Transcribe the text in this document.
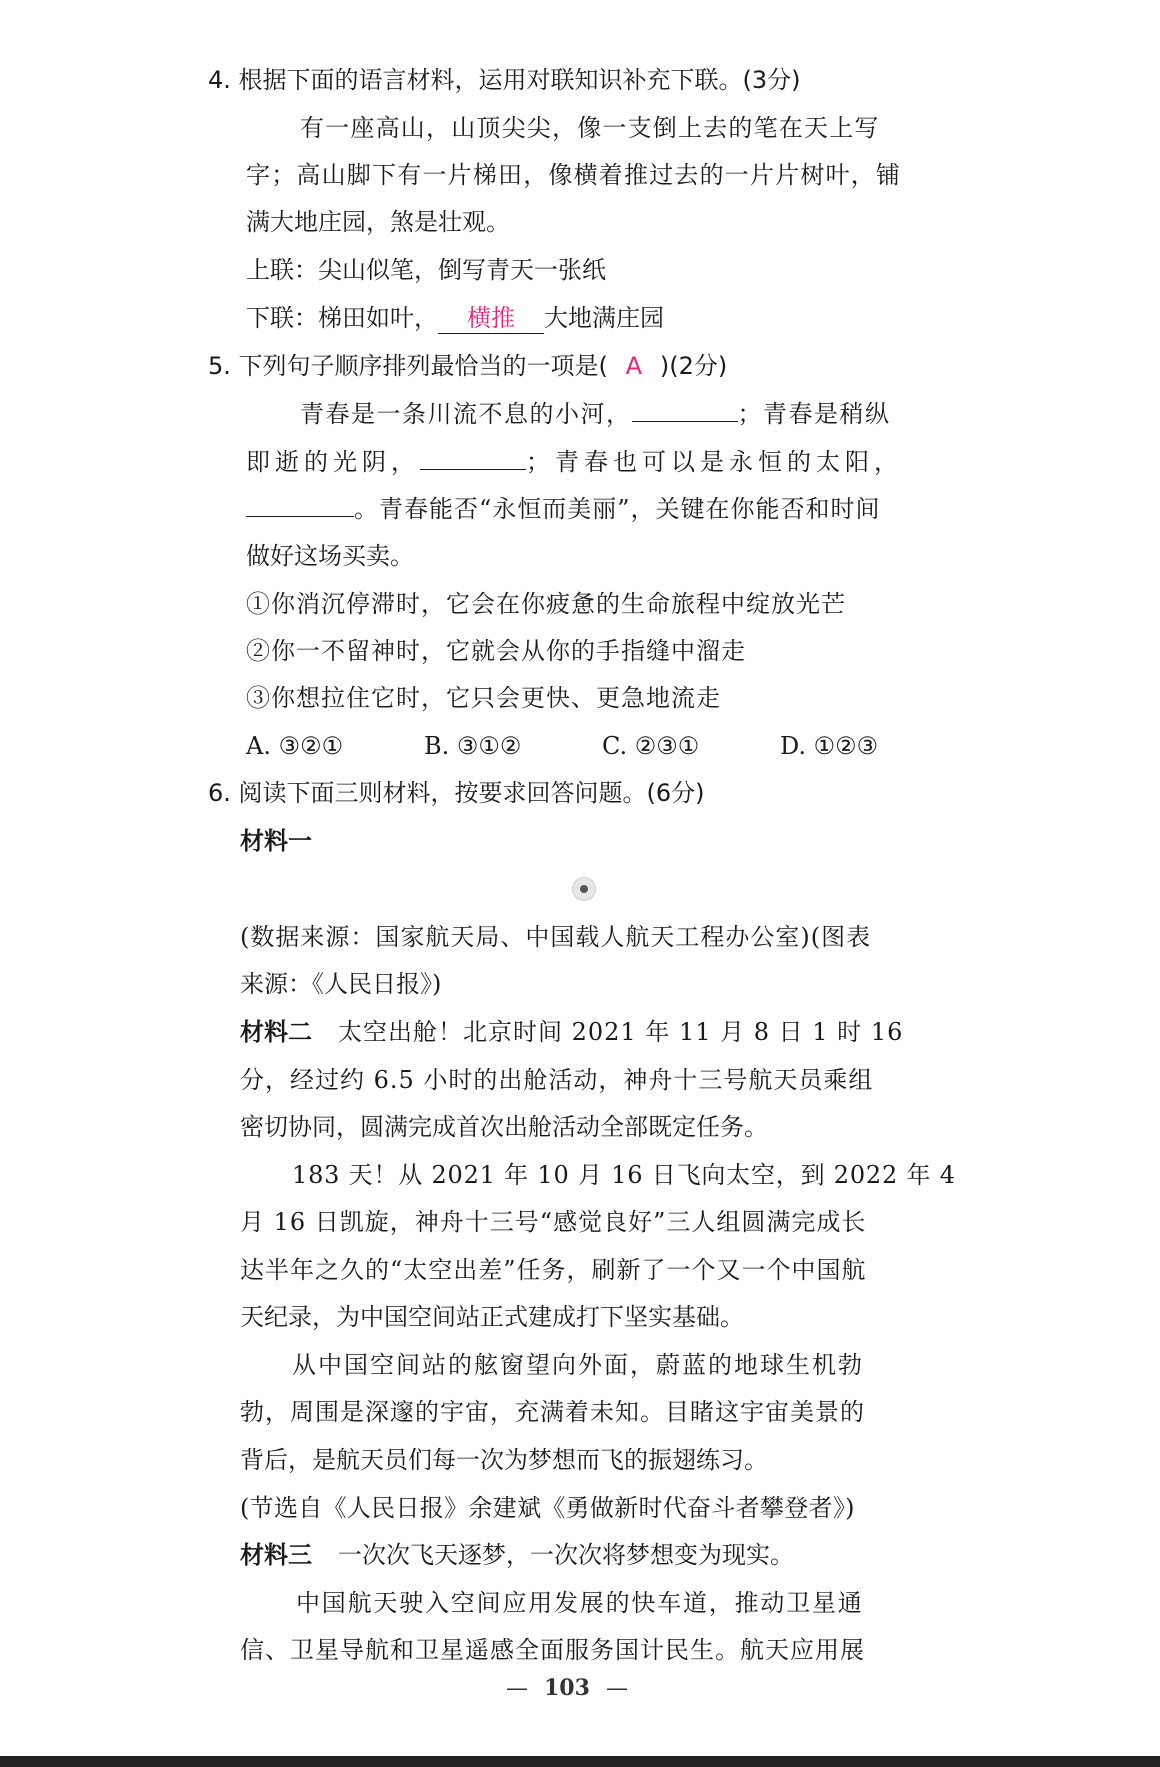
4. 根据下面的语言材料，运用对联知识补充下联。(3分)
有一座高山，山顶尖尖，像一支倒上去的笔在天上写
字；高山脚下有一片梯田，像横着推过去的一片片树叶，铺
满大地庄园，煞是壮观。
上联：尖山似笔，倒写青天一张纸
下联：梯田如叶， 横推 大地满庄园
5. 下列句子顺序排列最恰当的一项是( A )(2分)
青春是一条川流不息的小河，	；青春是稍纵
即逝的光阴，	；青春也可以是永恒的太阳，
。青春能否“永恒而美丽”，关键在你能否和时间
做好这场买卖。
①你消沉停滞时，它会在你疲惫的生命旅程中绽放光芒
②你一不留神时，它就会从你的手指缝中溜走
③你想拉住它时，它只会更快、更急地流走
A. ③②①	B. ③①②	C. ②③①	D. ①②③
6. 阅读下面三则材料，按要求回答问题。(6分)
材料一
(数据来源：国家航天局、中国载人航天工程办公室)(图表
来源：《人民日报》)
材料二 太空出舱！北京时间 2021 年 11 月 8 日 1 时 16
分，经过约 6.5 小时的出舱活动，神舟十三号航天员乘组
密切协同，圆满完成首次出舱活动全部既定任务。
183 天！从 2021 年 10 月 16 日飞向太空，到 2022 年 4
月 16 日凯旋，神舟十三号“感觉良好”三人组圆满完成长
达半年之久的“太空出差”任务，刷新了一个又一个中国航
天纪录，为中国空间站正式建成打下坚实基础。
从中国空间站的舷窗望向外面，蔚蓝的地球生机勃
勃，周围是深邃的宇宙，充满着未知。目睹这宇宙美景的
背后，是航天员们每一次为梦想而飞的振翅练习。
(节选自《人民日报》余建斌《勇做新时代奋斗者攀登者》)
材料三 一次次飞天逐梦，一次次将梦想变为现实。
中国航天驶入空间应用发展的快车道，推动卫星通
信、卫星导航和卫星遥感全面服务国计民生。航天应用展
— 103 —
